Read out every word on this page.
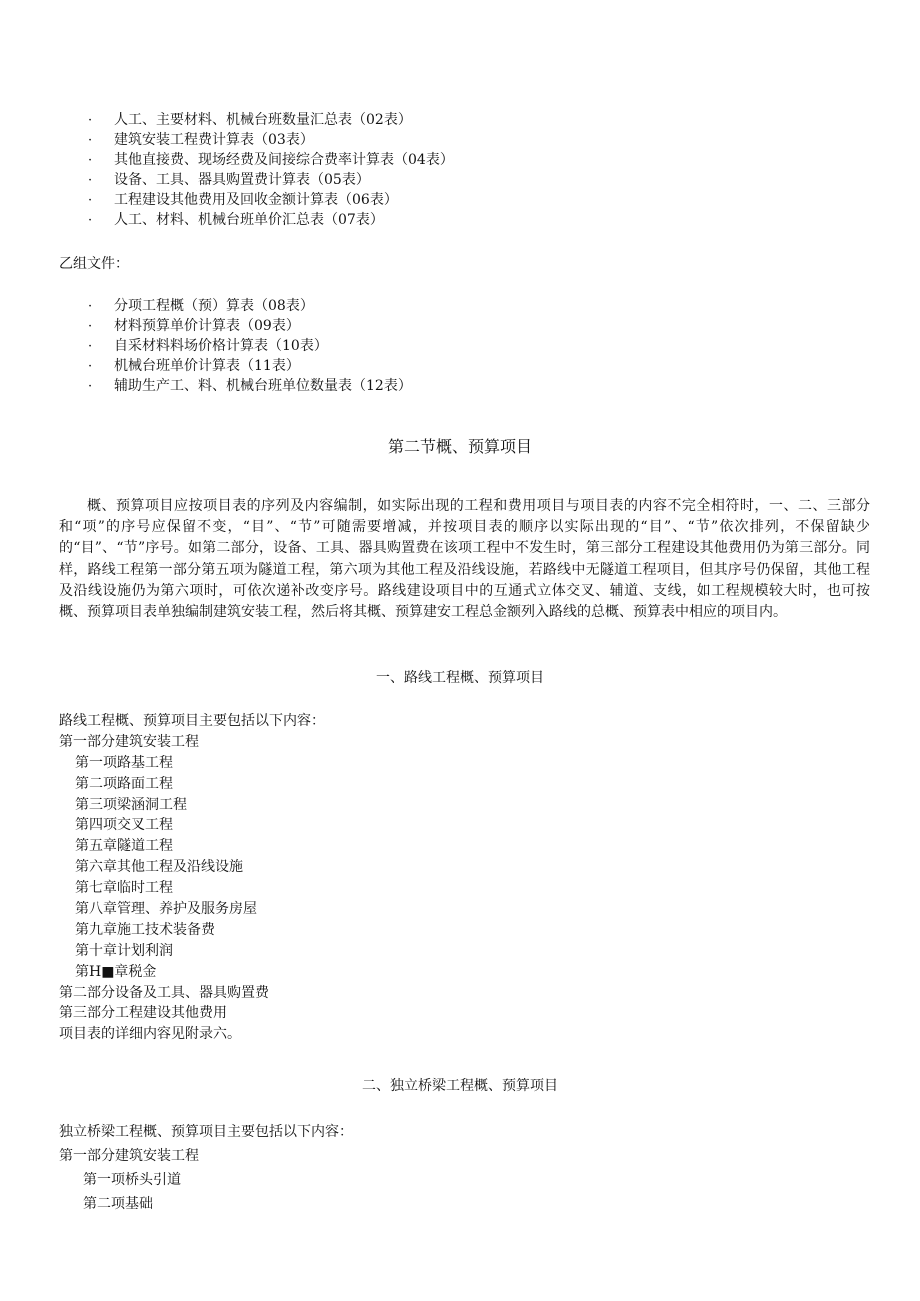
· 人工、主要材料、机械台班数量汇总表（02表）
· 建筑安装工程费计算表（03表）
· 其他直接费、现场经费及间接综合费率计算表（04表）
· 设备、工具、器具购置费计算表（05表）
· 工程建设其他费用及回收金额计算表（06表）
· 人工、材料、机械台班单价汇总表（07表）
乙组文件：
· 分项工程概（预）算表（08表）
· 材料预算单价计算表（09表）
· 自采材料料场价格计算表（10表）
· 机械台班单价计算表（11表）
· 辅助生产工、料、机械台班单位数量表（12表）
第二节概、预算项目
概、预算项目应按项目表的序列及内容编制，如实际出现的工程和费用项目与项目表的内容不完全相符时，一、二、三部分和“项”的序号应保留不变，“目”、“节”可随需要增减，并按项目表的顺序以实际出现的“目”、“节”依次排列，不保留缺少的“目”、“节”序号。如第二部分，设备、工具、器具购置费在该项工程中不发生时，第三部分工程建设其他费用仍为第三部分。同样，路线工程第一部分第五项为隧道工程，第六项为其他工程及沿线设施，若路线中无隧道工程项目，但其序号仍保留，其他工程及沿线设施仍为第六项时，可依次递补改变序号。路线建设项目中的互通式立体交叉、辅道、支线，如工程规模较大时，也可按概、预算项目表单独编制建筑安装工程，然后将其概、预算建安工程总金额列入路线的总概、预算表中相应的项目内。
一、路线工程概、预算项目
路线工程概、预算项目主要包括以下内容：
第一部分建筑安装工程
第一项路基工程
第二项路面工程
第三项梁涵洞工程
第四项交叉工程
第五章隧道工程
第六章其他工程及沿线设施
第七章临时工程
第八章管理、养护及服务房屋
第九章施工技术装备费
第十章计划利润
第H■章税金
第二部分设备及工具、器具购置费
第三部分工程建设其他费用
项目表的详细内容见附录六。
二、独立桥梁工程概、预算项目
独立桥梁工程概、预算项目主要包括以下内容：
第一部分建筑安装工程
第一项桥头引道
第二项基础
